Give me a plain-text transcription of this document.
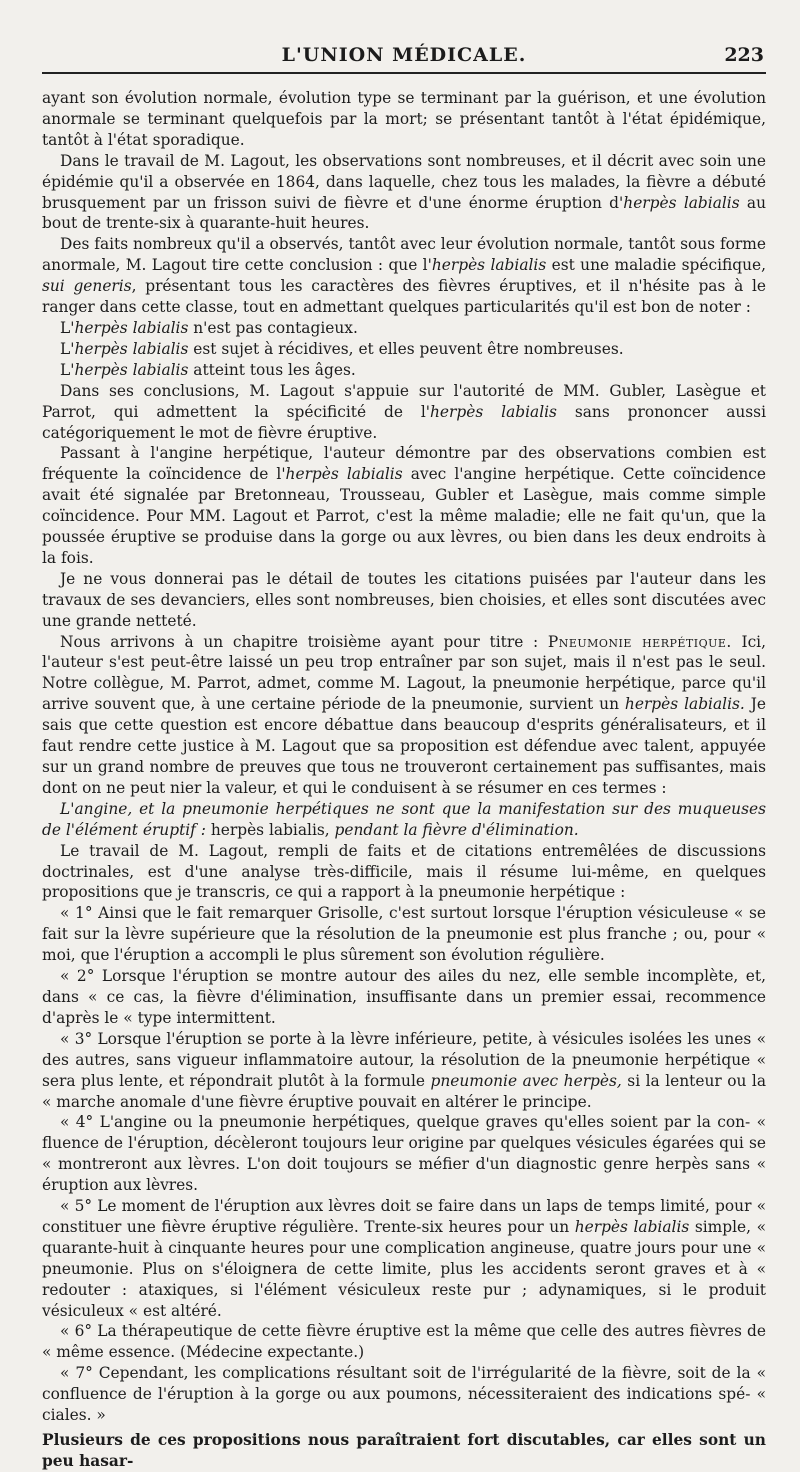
L'UNION MÉDICALE.	223

ayant son évolution normale, évolution type se terminant par la guérison, et une évolution anormale se terminant quelquefois par la mort; se présentant tantôt à l'état épidémique, tantôt à l'état sporadique.

Dans le travail de M. Lagout, les observations sont nombreuses, et il décrit avec soin une épidémie qu'il a observée en 1864, dans laquelle, chez tous les malades, la fièvre a débuté brusquement par un frisson suivi de fièvre et d'une énorme éruption d'herpès labialis au bout de trente-six à quarante-huit heures.

Des faits nombreux qu'il a observés, tantôt avec leur évolution normale, tantôt sous forme anormale, M. Lagout tire cette conclusion : que l'herpès labialis est une maladie spécifique, sui generis, présentant tous les caractères des fièvres éruptives, et il n'hésite pas à le ranger dans cette classe, tout en admettant quelques particularités qu'il est bon de noter :

L'herpès labialis n'est pas contagieux.

L'herpès labialis est sujet à récidives, et elles peuvent être nombreuses.

L'herpès labialis atteint tous les âges.

Dans ses conclusions, M. Lagout s'appuie sur l'autorité de MM. Gubler, Lasègue et Parrot, qui admettent la spécificité de l'herpès labialis sans prononcer aussi catégoriquement le mot de fièvre éruptive.

Passant à l'angine herpétique, l'auteur démontre par des observations combien est fréquente la coïncidence de l'herpès labialis avec l'angine herpétique. Cette coïncidence avait été signalée par Bretonneau, Trousseau, Gubler et Lasègue, mais comme simple coïncidence. Pour MM. Lagout et Parrot, c'est la même maladie; elle ne fait qu'un, que la poussée éruptive se produise dans la gorge ou aux lèvres, ou bien dans les deux endroits à la fois.

Je ne vous donnerai pas le détail de toutes les citations puisées par l'auteur dans les travaux de ses devanciers, elles sont nombreuses, bien choisies, et elles sont discutées avec une grande netteté.

Nous arrivons à un chapitre troisième ayant pour titre : Pneumonie herpétique. Ici, l'auteur s'est peut-être laissé un peu trop entraîner par son sujet, mais il n'est pas le seul. Notre collègue, M. Parrot, admet, comme M. Lagout, la pneumonie herpétique, parce qu'il arrive souvent que, à une certaine période de la pneumonie, survient un herpès labialis. Je sais que cette question est encore débattue dans beaucoup d'esprits généralisateurs, et il faut rendre cette justice à M. Lagout que sa proposition est défendue avec talent, appuyée sur un grand nombre de preuves que tous ne trouveront certainement pas suffisantes, mais dont on ne peut nier la valeur, et qui le conduisent à se résumer en ces termes :

L'angine, et la pneumonie herpétiques ne sont que la manifestation sur des muqueuses de l'élément éruptif : herpès labialis, pendant la fièvre d'élimination.

Le travail de M. Lagout, rempli de faits et de citations entremêlées de discussions doctrinales, est d'une analyse très-difficile, mais il résume lui-même, en quelques propositions que je transcris, ce qui a rapport à la pneumonie herpétique :

« 1° Ainsi que le fait remarquer Grisolle, c'est surtout lorsque l'éruption vésiculeuse « se fait sur la lèvre supérieure que la résolution de la pneumonie est plus franche ; ou, pour « moi, que l'éruption a accompli le plus sûrement son évolution régulière.

« 2° Lorsque l'éruption se montre autour des ailes du nez, elle semble incomplète, et, dans « ce cas, la fièvre d'élimination, insuffisante dans un premier essai, recommence d'après le « type intermittent.

« 3° Lorsque l'éruption se porte à la lèvre inférieure, petite, à vésicules isolées les unes « des autres, sans vigueur inflammatoire autour, la résolution de la pneumonie herpétique « sera plus lente, et répondrait plutôt à la formule pneumonie avec herpès, si la lenteur ou la « marche anomale d'une fièvre éruptive pouvait en altérer le principe.

« 4° L'angine ou la pneumonie herpétiques, quelque graves qu'elles soient par la con- « fluence de l'éruption, décèleront toujours leur origine par quelques vésicules égarées qui se « montreront aux lèvres. L'on doit toujours se méfier d'un diagnostic genre herpès sans « éruption aux lèvres.

« 5° Le moment de l'éruption aux lèvres doit se faire dans un laps de temps limité, pour « constituer une fièvre éruptive régulière. Trente-six heures pour un herpès labialis simple, « quarante-huit à cinquante heures pour une complication angineuse, quatre jours pour une « pneumonie. Plus on s'éloignera de cette limite, plus les accidents seront graves et à « redouter : ataxiques, si l'élément vésiculeux reste pur ; adynamiques, si le produit vésiculeux « est altéré.

« 6° La thérapeutique de cette fièvre éruptive est la même que celle des autres fièvres de « même essence. (Médecine expectante.)

« 7° Cependant, les complications résultant soit de l'irrégularité de la fièvre, soit de la « confluence de l'éruption à la gorge ou aux poumons, nécessiteraient des indications spé- « ciales. »

Plusieurs de ces propositions nous paraîtraient fort discutables, car elles sont un peu hasar-
